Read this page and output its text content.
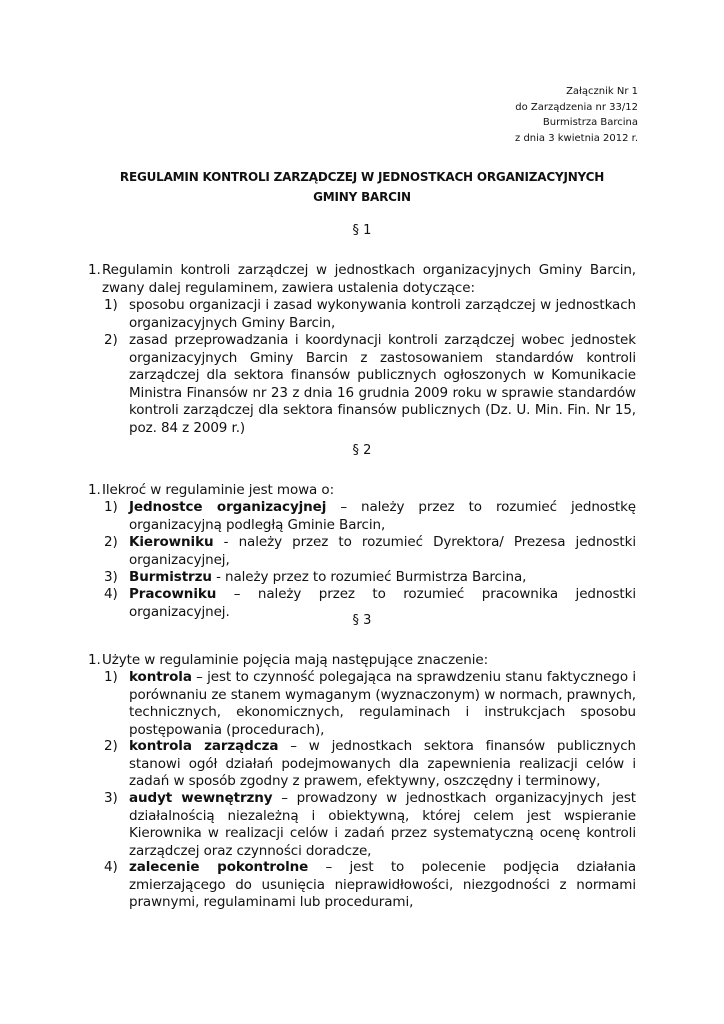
Załącznik Nr 1
do Zarządzenia nr 33/12
Burmistrza Barcina
z dnia 3 kwietnia 2012 r.
REGULAMIN KONTROLI ZARZĄDCZEJ W JEDNOSTKACH ORGANIZACYJNYCH
GMINY BARCIN
§ 1
1. Regulamin kontroli zarządczej w jednostkach organizacyjnych Gminy Barcin, zwany dalej regulaminem, zawiera ustalenia dotyczące:
1) sposobu organizacji i zasad wykonywania kontroli zarządczej w jednostkach organizacyjnych Gminy Barcin,
2) zasad przeprowadzania i koordynacji kontroli zarządczej wobec jednostek organizacyjnych Gminy Barcin z zastosowaniem standardów kontroli zarządczej dla sektora finansów publicznych ogłoszonych w Komunikacie Ministra Finansów nr 23 z dnia 16 grudnia 2009 roku w sprawie standardów kontroli zarządczej dla sektora finansów publicznych (Dz. U. Min. Fin. Nr 15, poz. 84 z 2009 r.)
§ 2
1. Ilekroć w regulaminie jest mowa o:
1) Jednostce organizacyjnej – należy przez to rozumieć jednostkę organizacyjną podległą Gminie Barcin,
2) Kierowniku - należy przez to rozumieć Dyrektora/ Prezesa jednostki organizacyjnej,
3) Burmistrzu - należy przez to rozumieć Burmistrza Barcina,
4) Pracowniku – należy przez to rozumieć pracownika jednostki organizacyjnej.
§ 3
1. Użyte w regulaminie pojęcia mają następujące znaczenie:
1) kontrola – jest to czynność polegająca na sprawdzeniu stanu faktycznego i porównaniu ze stanem wymaganym (wyznaczonym) w normach, prawnych, technicznych, ekonomicznych, regulaminach i instrukcjach sposobu postępowania (procedurach),
2) kontrola zarządcza – w jednostkach sektora finansów publicznych stanowi ogół działań podejmowanych dla zapewnienia realizacji celów i zadań w sposób zgodny z prawem, efektywny, oszczędny i terminowy,
3) audyt wewnętrzny – prowadzony w jednostkach organizacyjnych jest działalnością niezależną i obiektywną, której celem jest wspieranie Kierownika w realizacji celów i zadań przez systematyczną ocenę kontroli zarządczej oraz czynności doradcze,
4) zalecenie pokontrolne – jest to polecenie podjęcia działania zmierzającego do usunięcia nieprawidłowości, niezgodności z normami prawnymi, regulaminami lub procedurami,
